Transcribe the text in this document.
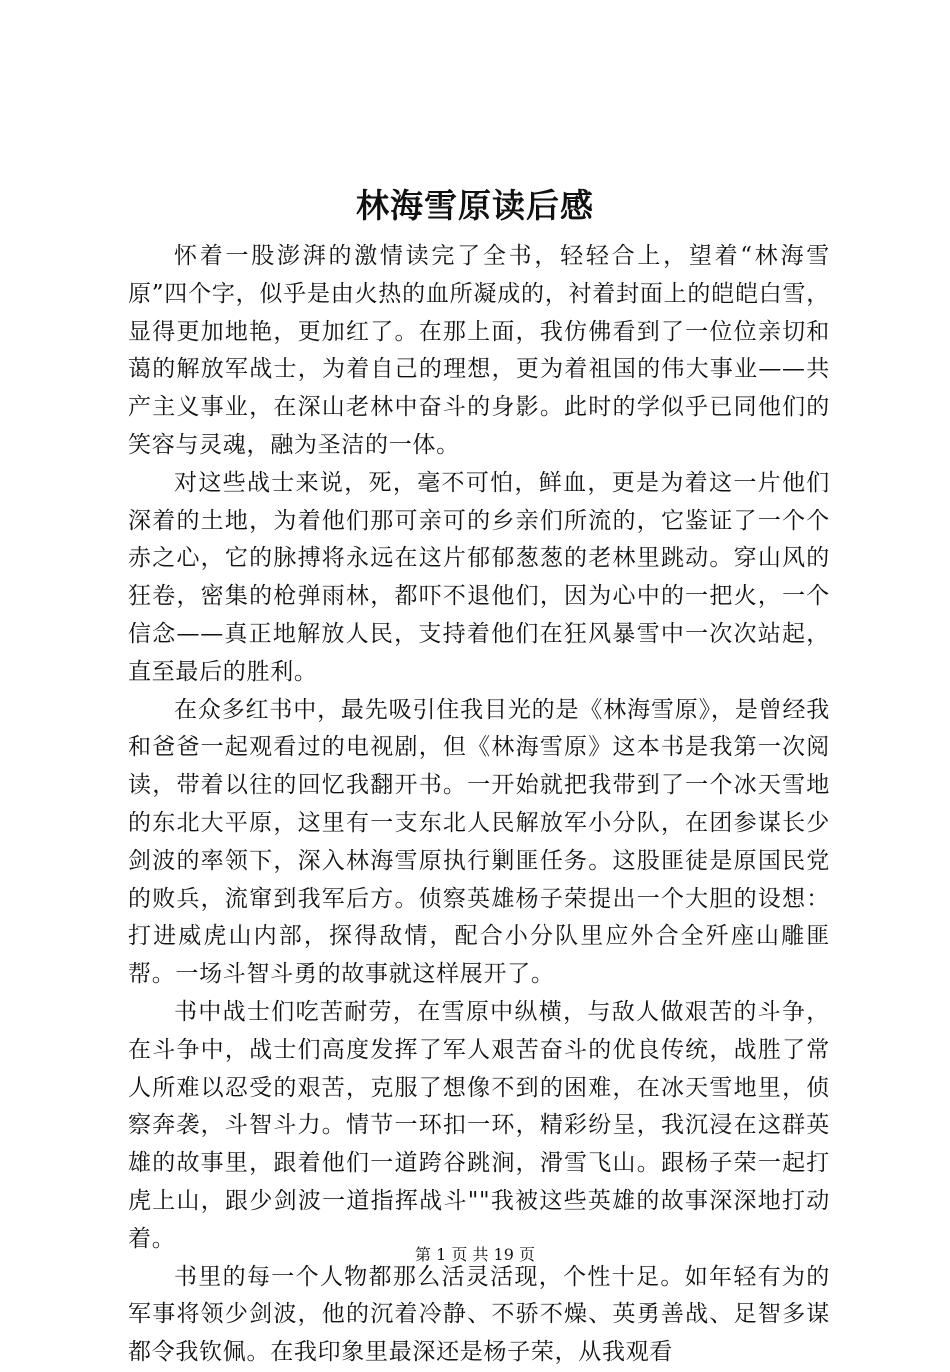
林海雪原读后感

怀着一股澎湃的激情读完了全书，轻轻合上，望着“林海雪原”四个字，似乎是由火热的血所凝成的，衬着封面上的皑皑白雪，显得更加地艳，更加红了。在那上面，我仿佛看到了一位位亲切和蔼的解放军战士，为着自己的理想，更为着祖国的伟大事业——共产主义事业，在深山老林中奋斗的身影。此时的学似乎已同他们的笑容与灵魂，融为圣洁的一体。

对这些战士来说，死，毫不可怕，鲜血，更是为着这一片他们深着的土地，为着他们那可亲可的乡亲们所流的，它鉴证了一个个赤之心，它的脉搏将永远在这片郁郁葱葱的老林里跳动。穿山风的狂卷，密集的枪弹雨林，都吓不退他们，因为心中的一把火，一个信念——真正地解放人民，支持着他们在狂风暴雪中一次次站起，直至最后的胜利。

在众多红书中，最先吸引住我目光的是《林海雪原》，是曾经我和爸爸一起观看过的电视剧，但《林海雪原》这本书是我第一次阅读，带着以往的回忆我翻开书。一开始就把我带到了一个冰天雪地的东北大平原，这里有一支东北人民解放军小分队，在团参谋长少剑波的率领下，深入林海雪原执行剿匪任务。这股匪徒是原国民党的败兵，流窜到我军后方。侦察英雄杨子荣提出一个大胆的设想：打进威虎山内部，探得敌情，配合小分队里应外合全歼座山雕匪帮。一场斗智斗勇的故事就这样展开了。

书中战士们吃苦耐劳，在雪原中纵横，与敌人做艰苦的斗争，在斗争中，战士们高度发挥了军人艰苦奋斗的优良传统，战胜了常人所难以忍受的艰苦，克服了想像不到的困难，在冰天雪地里，侦察奔袭，斗智斗力。情节一环扣一环，精彩纷呈，我沉浸在这群英雄的故事里，跟着他们一道跨谷跳涧，滑雪飞山。跟杨子荣一起打虎上山，跟少剑波一道指挥战斗""我被这些英雄的故事深深地打动着。

书里的每一个人物都那么活灵活现，个性十足。如年轻有为的军事将领少剑波，他的沉着冷静、不骄不燥、英勇善战、足智多谋都令我钦佩。在我印象里最深还是杨子荣，从我观看

第 1 页 共 19 页
